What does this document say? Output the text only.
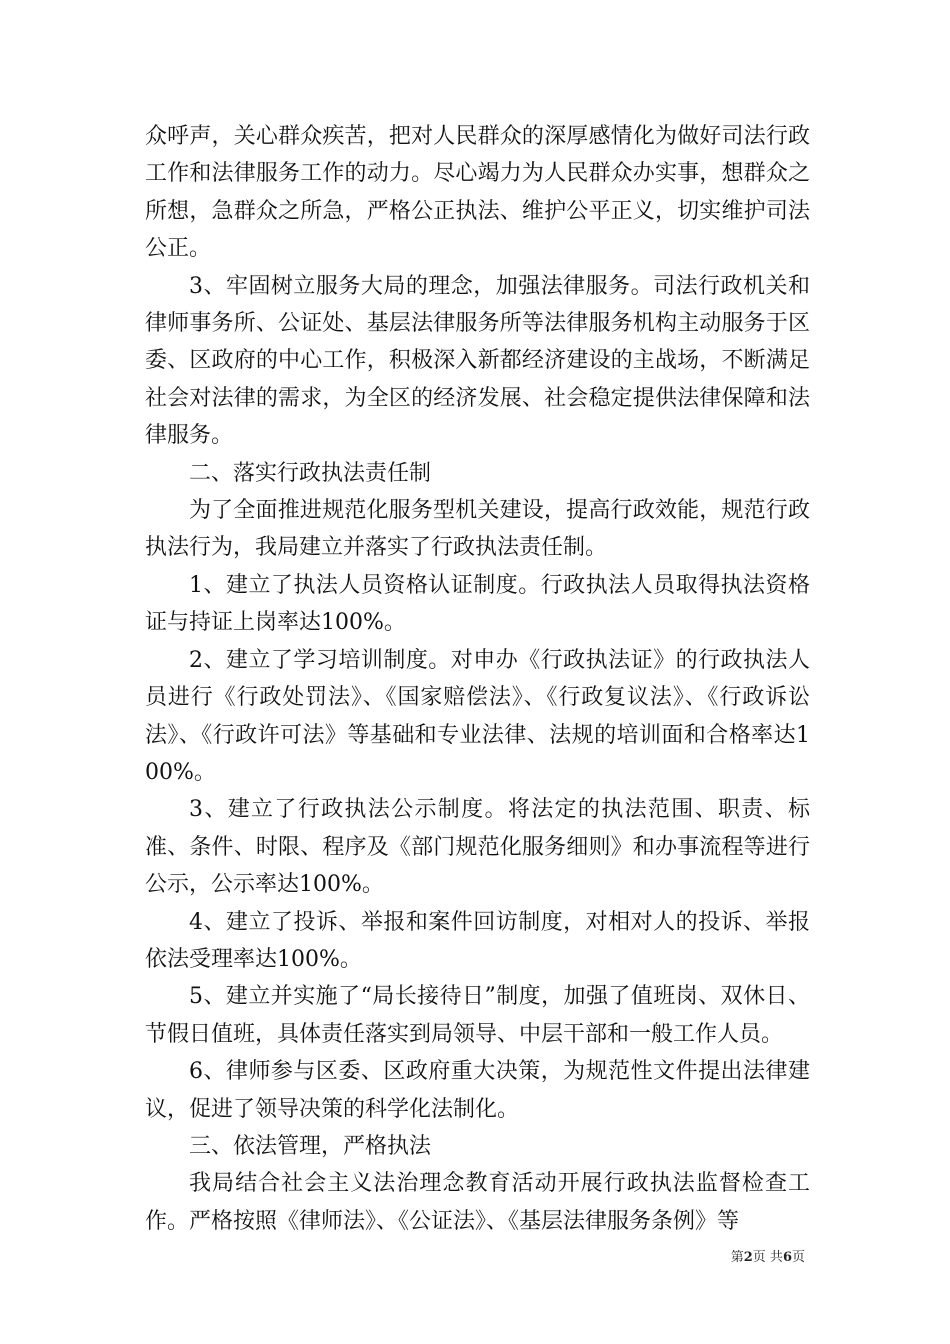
众呼声，关心群众疾苦，把对人民群众的深厚感情化为做好司法行政工作和法律服务工作的动力。尽心竭力为人民群众办实事，想群众之所想，急群众之所急，严格公正执法、维护公平正义，切实维护司法公正。

3、牢固树立服务大局的理念，加强法律服务。司法行政机关和律师事务所、公证处、基层法律服务所等法律服务机构主动服务于区委、区政府的中心工作，积极深入新都经济建设的主战场，不断满足社会对法律的需求，为全区的经济发展、社会稳定提供法律保障和法律服务。

二、落实行政执法责任制

为了全面推进规范化服务型机关建设，提高行政效能，规范行政执法行为，我局建立并落实了行政执法责任制。

1、建立了执法人员资格认证制度。行政执法人员取得执法资格证与持证上岗率达100%。

2、建立了学习培训制度。对申办《行政执法证》的行政执法人员进行《行政处罚法》、《国家赔偿法》、《行政复议法》、《行政诉讼法》、《行政许可法》等基础和专业法律、法规的培训面和合格率达100%。

3、建立了行政执法公示制度。将法定的执法范围、职责、标准、条件、时限、程序及《部门规范化服务细则》和办事流程等进行公示，公示率达100%。

4、建立了投诉、举报和案件回访制度，对相对人的投诉、举报依法受理率达100%。

5、建立并实施了“局长接待日”制度，加强了值班岗、双休日、节假日值班，具体责任落实到局领导、中层干部和一般工作人员。

6、律师参与区委、区政府重大决策，为规范性文件提出法律建议，促进了领导决策的科学化法制化。

三、依法管理，严格执法

我局结合社会主义法治理念教育活动开展行政执法监督检查工作。严格按照《律师法》、《公证法》、《基层法律服务条例》等

第2页 共6页
